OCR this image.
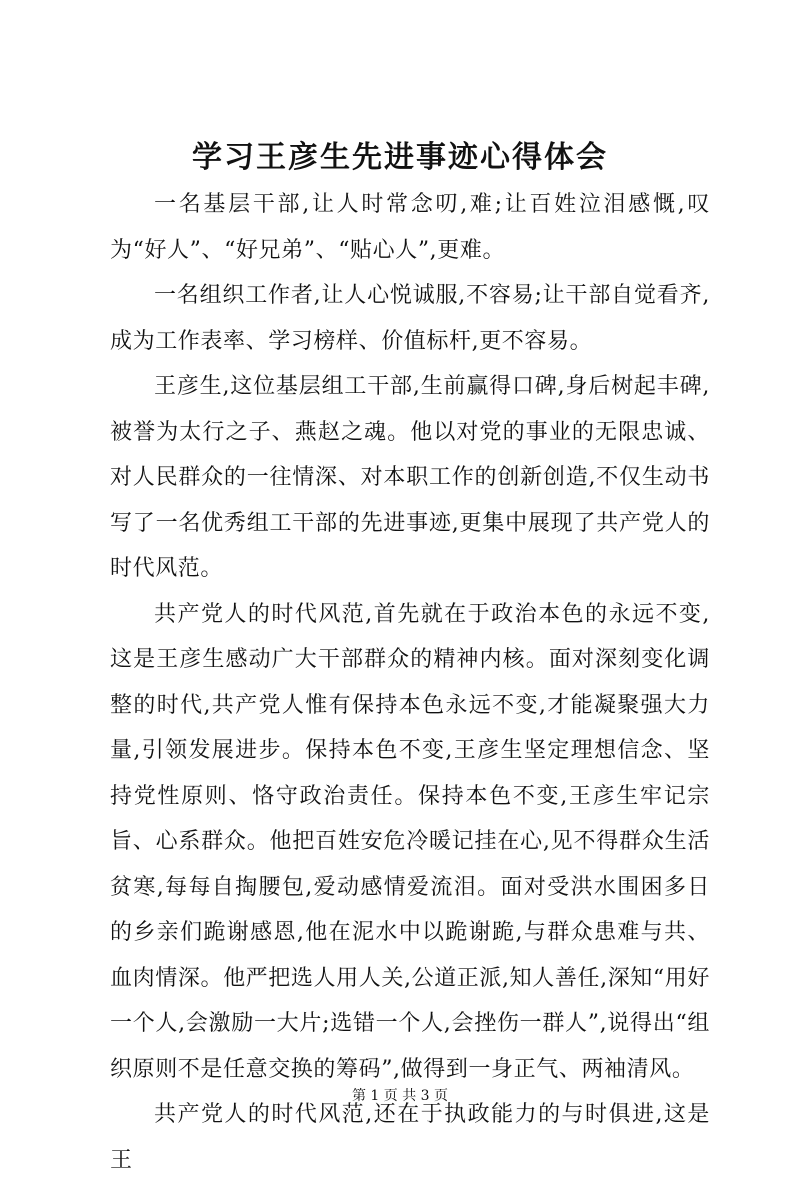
学习王彦生先进事迹心得体会

一名基层干部,让人时常念叨,难;让百姓泣泪感慨,叹为“好人”、“好兄弟”、“贴心人”,更难。

一名组织工作者,让人心悦诚服,不容易;让干部自觉看齐,成为工作表率、学习榜样、价值标杆,更不容易。

王彦生,这位基层组工干部,生前赢得口碑,身后树起丰碑,被誉为太行之子、燕赵之魂。他以对党的事业的无限忠诚、对人民群众的一往情深、对本职工作的创新创造,不仅生动书写了一名优秀组工干部的先进事迹,更集中展现了共产党人的时代风范。

共产党人的时代风范,首先就在于政治本色的永远不变,这是王彦生感动广大干部群众的精神内核。面对深刻变化调整的时代,共产党人惟有保持本色永远不变,才能凝聚强大力量,引领发展进步。保持本色不变,王彦生坚定理想信念、坚持党性原则、恪守政治责任。保持本色不变,王彦生牢记宗旨、心系群众。他把百姓安危冷暖记挂在心,见不得群众生活贫寒,每每自掏腰包,爱动感情爱流泪。面对受洪水围困多日的乡亲们跪谢感恩,他在泥水中以跪谢跪,与群众患难与共、血肉情深。他严把选人用人关,公道正派,知人善任,深知“用好一个人,会激励一大片;选错一个人,会挫伤一群人”,说得出“组织原则不是任意交换的筹码”,做得到一身正气、两袖清风。

共产党人的时代风范,还在于执政能力的与时俱进,这是王

第 1 页 共 3 页
